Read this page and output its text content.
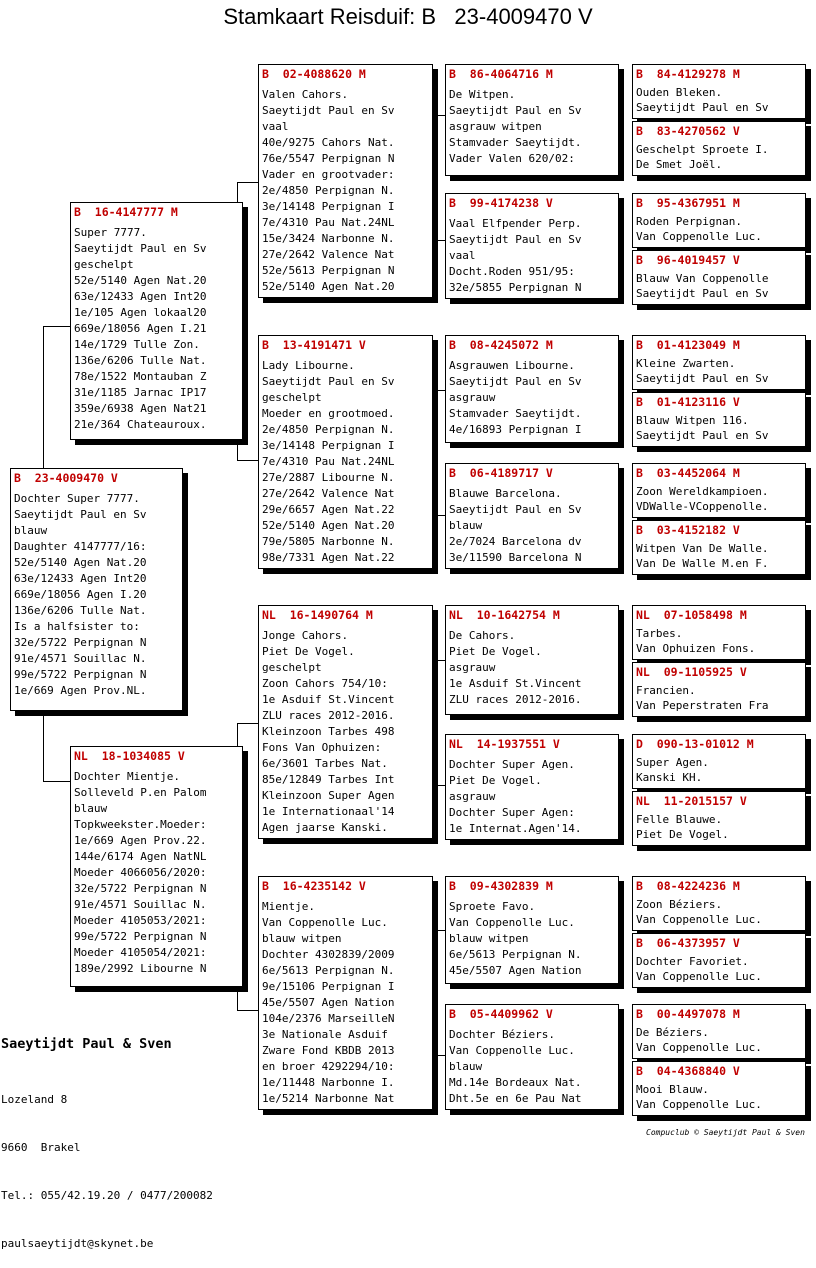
Stamkaart Reisduif: B   23-4009470 V
B  23-4009470 V
Dochter Super 7777.
Saeytijdt Paul en Sv
blauw
Daughter 4147777/16:
52e/5140 Agen Nat.20
63e/12433 Agen Int20
669e/18056 Agen I.20
136e/6206 Tulle Nat.
Is a halfsister to:
32e/5722 Perpignan N
91e/4571 Souillac N.
99e/5722 Perpignan N
1e/669 Agen Prov.NL.
B  16-4147777 M
Super 7777.
Saeytijdt Paul en Sv
geschelpt
52e/5140 Agen Nat.20
63e/12433 Agen Int20
1e/105 Agen lokaal20
669e/18056 Agen I.21
14e/1729 Tulle Zon.
136e/6206 Tulle Nat.
78e/1522 Montauban Z
31e/1185 Jarnac IP17
359e/6938 Agen Nat21
21e/364 Chateauroux.
NL  18-1034085 V
Dochter Mientje.
Solleveld P.en Palom
blauw
Topkweekster.Moeder:
1e/669 Agen Prov.22.
144e/6174 Agen NatNL
Moeder 4066056/2020:
32e/5722 Perpignan N
91e/4571 Souillac N.
Moeder 4105053/2021:
99e/5722 Perpignan N
Moeder 4105054/2021:
189e/2992 Libourne N
B  02-4088620 M
Valen Cahors.
Saeytijdt Paul en Sv
vaal
40e/9275 Cahors Nat.
76e/5547 Perpignan N
Vader en grootvader:
2e/4850 Perpignan N.
3e/14148 Perpignan I
7e/4310 Pau Nat.24NL
15e/3424 Narbonne N.
27e/2642 Valence Nat
52e/5613 Perpignan N
52e/5140 Agen Nat.20
B  13-4191471 V
Lady Libourne.
Saeytijdt Paul en Sv
geschelpt
Moeder en grootmoed.
2e/4850 Perpignan N.
3e/14148 Perpignan I
7e/4310 Pau Nat.24NL
27e/2887 Libourne N.
27e/2642 Valence Nat
29e/6657 Agen Nat.22
52e/5140 Agen Nat.20
79e/5805 Narbonne N.
98e/7331 Agen Nat.22
NL  16-1490764 M
Jonge Cahors.
Piet De Vogel.
geschelpt
Zoon Cahors 754/10:
1e Asduif St.Vincent
ZLU races 2012-2016.
Kleinzoon Tarbes 498
Fons Van Ophuizen:
6e/3601 Tarbes Nat.
85e/12849 Tarbes Int
Kleinzoon Super Agen
1e Internationaal'14
Agen jaarse Kanski.
B  16-4235142 V
Mientje.
Van Coppenolle Luc.
blauw witpen
Dochter 4302839/2009
6e/5613 Perpignan N.
9e/15106 Perpignan I
45e/5507 Agen Nation
104e/2376 MarseilleN
3e Nationale Asduif
Zware Fond KBDB 2013
en broer 4292294/10:
1e/11448 Narbonne I.
1e/5214 Narbonne Nat
B  86-4064716 M
De Witpen.
Saeytijdt Paul en Sv
asgrauw witpen
Stamvader Saeytijdt.
Vader Valen 620/02:
B  99-4174238 V
Vaal Elfpender Perp.
Saeytijdt Paul en Sv
vaal
Docht.Roden 951/95:
32e/5855 Perpignan N
B  08-4245072 M
Asgrauwen Libourne.
Saeytijdt Paul en Sv
asgrauw
Stamvader Saeytijdt.
4e/16893 Perpignan I
B  06-4189717 V
Blauwe Barcelona.
Saeytijdt Paul en Sv
blauw
2e/7024 Barcelona dv
3e/11590 Barcelona N
NL  10-1642754 M
De Cahors.
Piet De Vogel.
asgrauw
1e Asduif St.Vincent
ZLU races 2012-2016.
NL  14-1937551 V
Dochter Super Agen.
Piet De Vogel.
asgrauw
Dochter Super Agen:
1e Internat.Agen'14.
B  09-4302839 M
Sproete Favo.
Van Coppenolle Luc.
blauw witpen
6e/5613 Perpignan N.
45e/5507 Agen Nation
B  05-4409962 V
Dochter Béziers.
Van Coppenolle Luc.
blauw
Md.14e Bordeaux Nat.
Dht.5e en 6e Pau Nat
B  84-4129278 M
Ouden Bleken.
Saeytijdt Paul en Sv
B  83-4270562 V
Geschelpt Sproete I.
De Smet Joël.
B  95-4367951 M
Roden Perpignan.
Van Coppenolle Luc.
B  96-4019457 V
Blauw Van Coppenolle
Saeytijdt Paul en Sv
B  01-4123049 M
Kleine Zwarten.
Saeytijdt Paul en Sv
B  01-4123116 V
Blauw Witpen 116.
Saeytijdt Paul en Sv
B  03-4452064 M
Zoon Wereldkampioen.
VDWalle-VCoppenolle.
B  03-4152182 V
Witpen Van De Walle.
Van De Walle M.en F.
NL  07-1058498 M
Tarbes.
Van Ophuizen Fons.
NL  09-1105925 V
Francien.
Van Peperstraten Fra
D  090-13-01012 M
Super Agen.
Kanski KH.
NL  11-2015157 V
Felle Blauwe.
Piet De Vogel.
B  08-4224236 M
Zoon Béziers.
Van Coppenolle Luc.
B  06-4373957 V
Dochter Favoriet.
Van Coppenolle Luc.
B  00-4497078 M
De Béziers.
Van Coppenolle Luc.
B  04-4368840 V
Mooi Blauw.
Van Coppenolle Luc.
Saeytijdt Paul & Sven

Lozeland 8

9660  Brakel

Tel.: 055/42.19.20 / 0477/200082

paulsaeytijdt@skynet.be

Compuclub © Saeytijdt Paul & Sven
